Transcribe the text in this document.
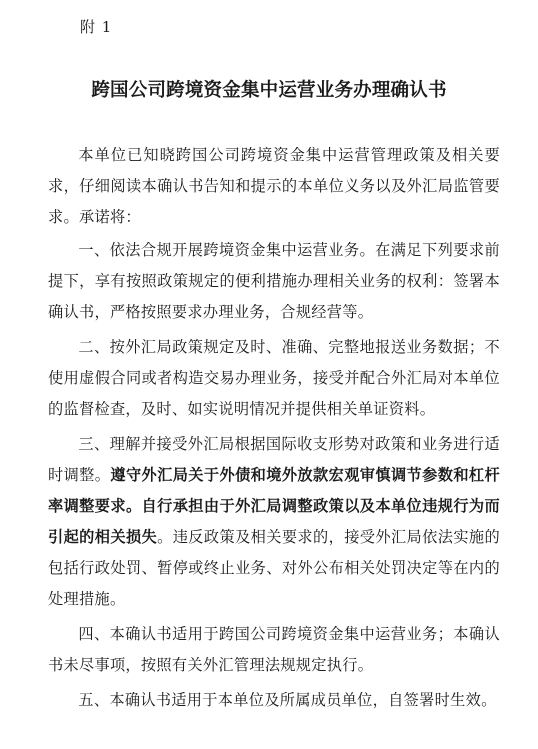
附 1
跨国公司跨境资金集中运营业务办理确认书

本单位已知晓跨国公司跨境资金集中运营管理政策及相关要求，仔细阅读本确认书告知和提示的本单位义务以及外汇局监管要求。承诺将：

一、依法合规开展跨境资金集中运营业务。在满足下列要求前提下，享有按照政策规定的便利措施办理相关业务的权利：签署本确认书，严格按照要求办理业务，合规经营等。

二、按外汇局政策规定及时、准确、完整地报送业务数据；不使用虚假合同或者构造交易办理业务，接受并配合外汇局对本单位的监督检查，及时、如实说明情况并提供相关单证资料。

三、理解并接受外汇局根据国际收支形势对政策和业务进行适时调整。遵守外汇局关于外债和境外放款宏观审慎调节参数和杠杆率调整要求。自行承担由于外汇局调整政策以及本单位违规行为而引起的相关损失。违反政策及相关要求的，接受外汇局依法实施的包括行政处罚、暂停或终止业务、对外公布相关处罚决定等在内的处理措施。

四、本确认书适用于跨国公司跨境资金集中运营业务；本确认书未尽事项，按照有关外汇管理法规规定执行。

五、本确认书适用于本单位及所属成员单位，自签署时生效。
